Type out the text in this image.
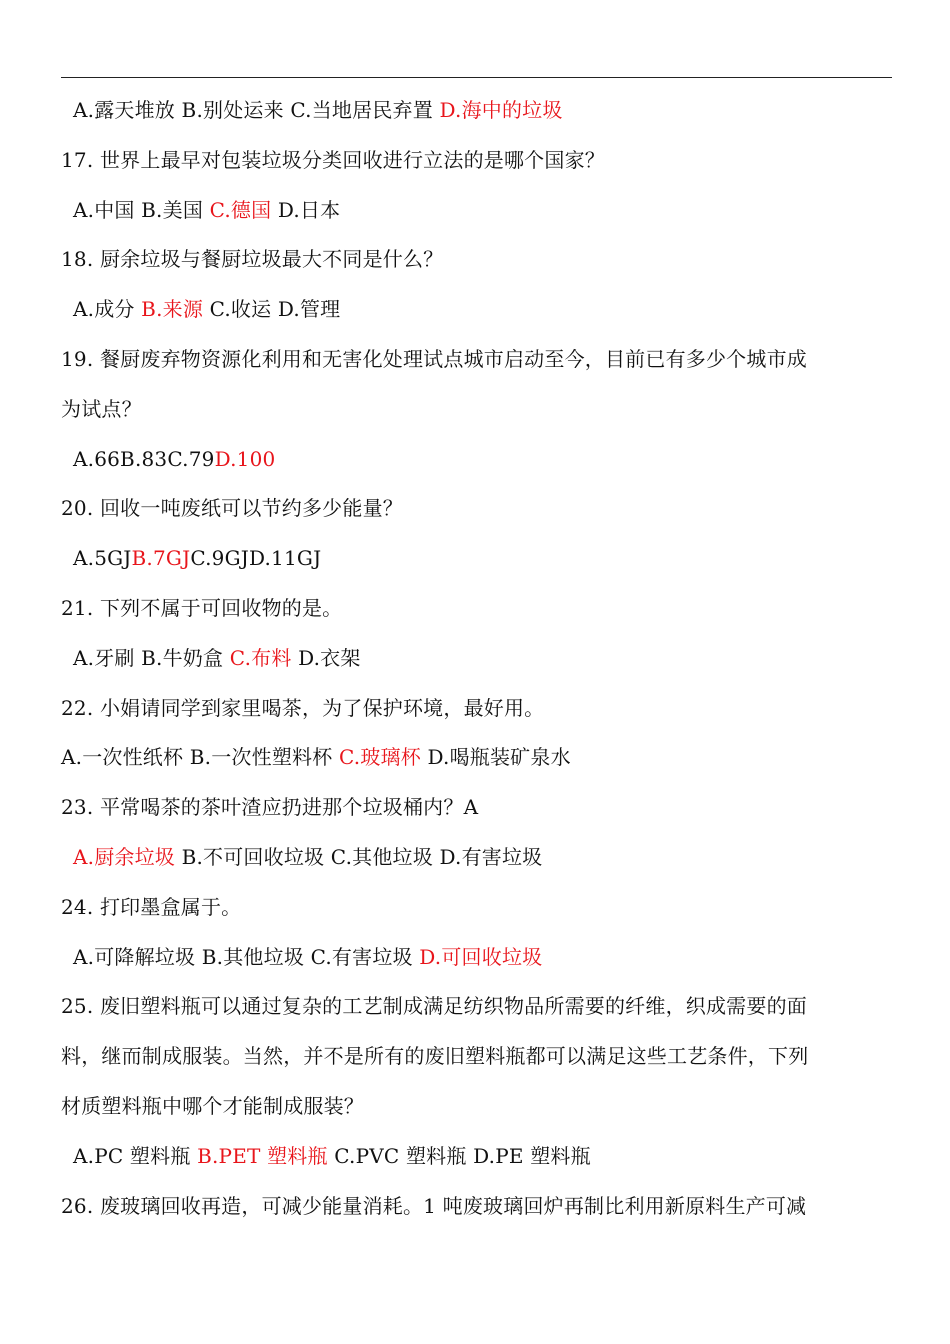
A.露天堆放 B.别处运来 C.当地居民弃置 D.海中的垃圾
17. 世界上最早对包装垃圾分类回收进行立法的是哪个国家？
A.中国 B.美国 C.德国 D.日本
18. 厨余垃圾与餐厨垃圾最大不同是什么？
A.成分 B.来源 C.收运 D.管理
19. 餐厨废弃物资源化利用和无害化处理试点城市启动至今，目前已有多少个城市成
为试点？
A.66B.83C.79D.100
20. 回收一吨废纸可以节约多少能量？
A.5GJB.7GJC.9GJD.11GJ
21. 下列不属于可回收物的是。
A.牙刷 B.牛奶盒 C.布料 D.衣架
22. 小娟请同学到家里喝茶，为了保护环境，最好用。
A.一次性纸杯 B.一次性塑料杯 C.玻璃杯 D.喝瓶装矿泉水
23. 平常喝茶的茶叶渣应扔进那个垃圾桶内？A
A.厨余垃圾 B.不可回收垃圾 C.其他垃圾 D.有害垃圾
24. 打印墨盒属于。
A.可降解垃圾 B.其他垃圾 C.有害垃圾 D.可回收垃圾
25. 废旧塑料瓶可以通过复杂的工艺制成满足纺织物品所需要的纤维，织成需要的面
料，继而制成服装。当然，并不是所有的废旧塑料瓶都可以满足这些工艺条件，下列
材质塑料瓶中哪个才能制成服装？
A.PC 塑料瓶 B.PET 塑料瓶 C.PVC 塑料瓶 D.PE 塑料瓶
26. 废玻璃回收再造，可减少能量消耗。1 吨废玻璃回炉再制比利用新原料生产可减
